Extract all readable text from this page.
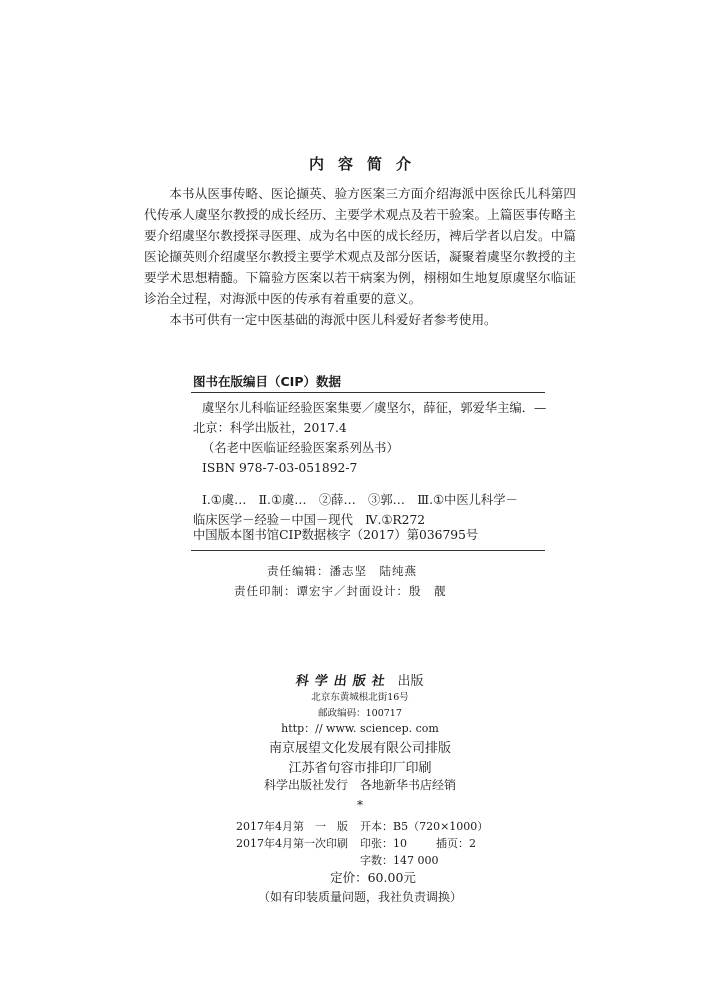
内容简介

本书从医事传略、医论撷英、验方医案三方面介绍海派中医徐氏儿科第四代传承人虞坚尔教授的成长经历、主要学术观点及若干验案。上篇医事传略主要介绍虞坚尔教授探寻医理、成为名中医的成长经历，裨后学者以启发。中篇医论撷英则介绍虞坚尔教授主要学术观点及部分医话，凝聚着虞坚尔教授的主要学术思想精髓。下篇验方医案以若干病案为例，栩栩如生地复原虞坚尔临证诊治全过程，对海派中医的传承有着重要的意义。

本书可供有一定中医基础的海派中医儿科爱好者参考使用。

图书在版编目（CIP）数据
虞坚尔儿科临证经验医案集要／虞坚尔，薛征，郭爱华主编．—
北京：科学出版社，2017.4
（名老中医临证经验医案系列丛书）
ISBN 978-7-03-051892-7
Ⅰ.①虞…　Ⅱ.①虞…　②薛…　③郭…　Ⅲ.①中医儿科学－
临床医学－经验－中国－现代　Ⅳ.①R272
中国版本图书馆CIP数据核字（2017）第036795号
责任编辑：潘志坚　陆纯燕
责任印制：谭宏宇／封面设计：殷　靓
科学出版社 出版
北京东黄城根北街16号
邮政编码：100717
http：// www. sciencep. com
南京展望文化发展有限公司排版
江苏省句容市排印厂印刷
科学出版社发行　各地新华书店经销
*
2017年4月第　一　版 开本：B5（720×1000）
2017年4月第一次印刷 印张：10	插页：2
字数：147 000
定价：60.00元
（如有印装质量问题，我社负责调换）
